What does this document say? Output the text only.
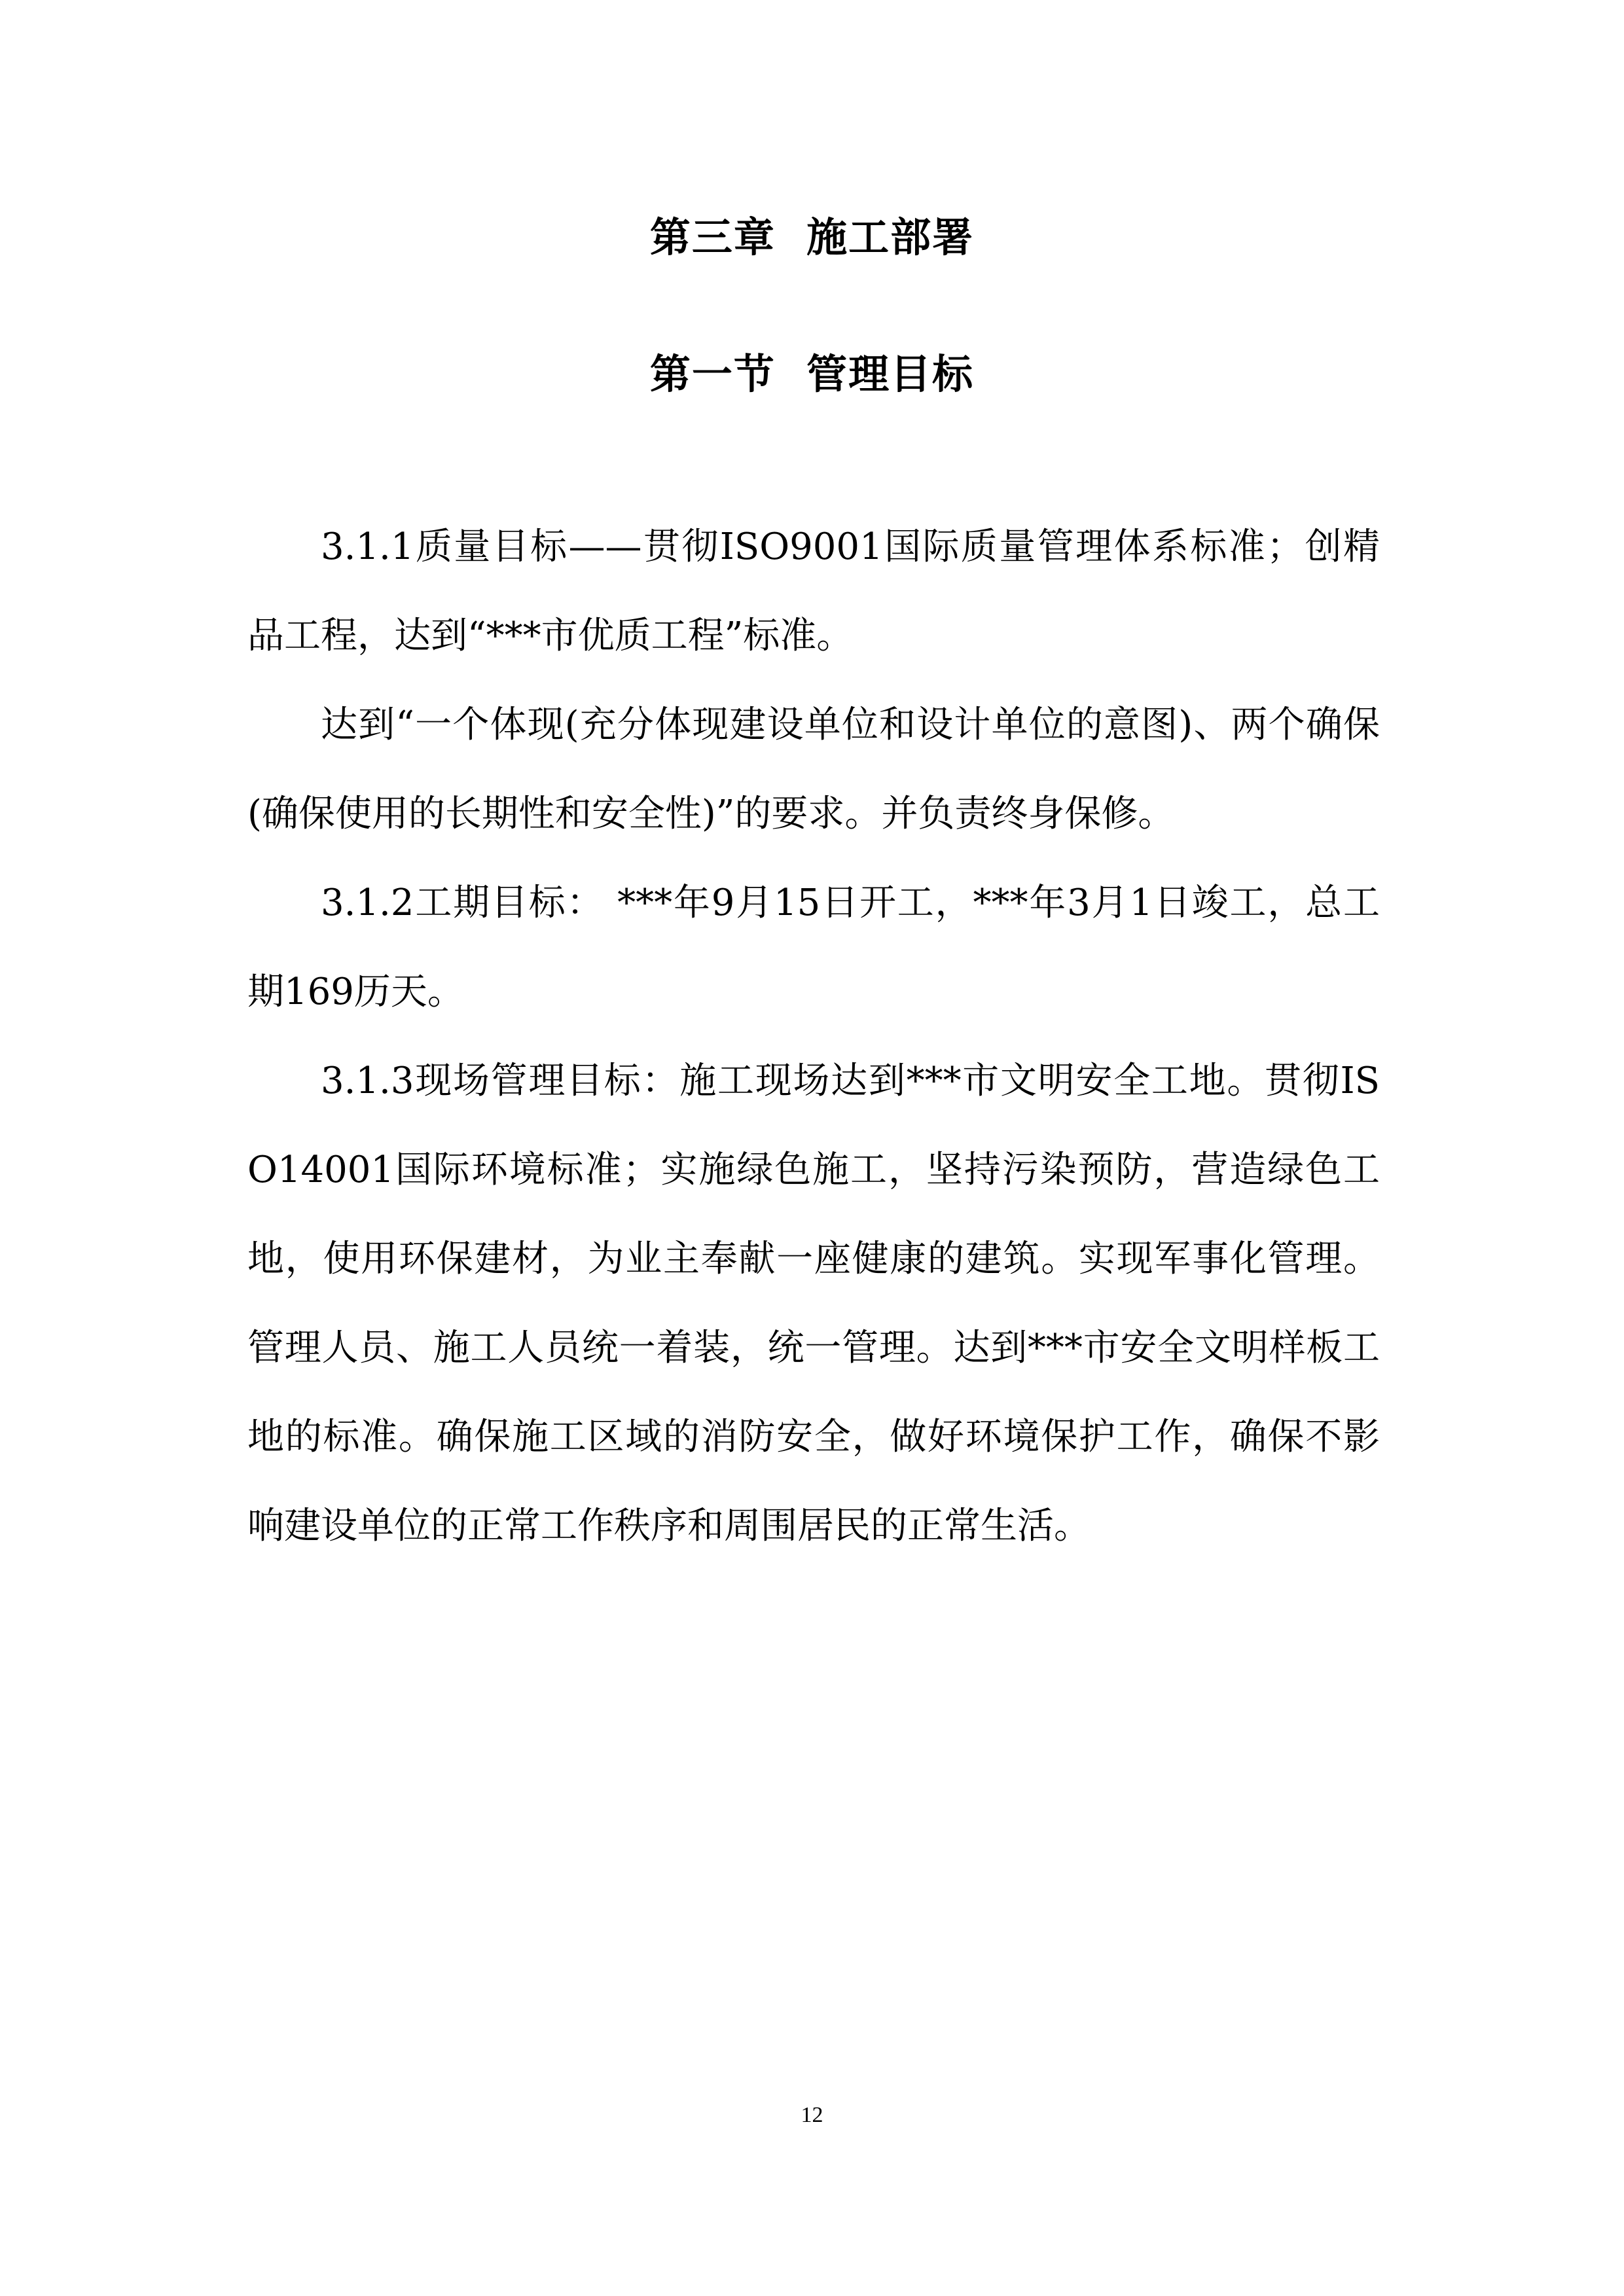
第三章  施工部署
第一节  管理目标

3.1.1质量目标——贯彻ISO9001国际质量管理体系标准；创精品工程，达到“***市优质工程”标准。

达到“一个体现(充分体现建设单位和设计单位的意图)、两个确保(确保使用的长期性和安全性)”的要求。并负责终身保修。

3.1.2工期目标： ***年9月15日开工，***年3月1日竣工，总工期169历天。

3.1.3现场管理目标：施工现场达到***市文明安全工地。贯彻ISO14001国际环境标准；实施绿色施工，坚持污染预防，营造绿色工地，使用环保建材，为业主奉献一座健康的建筑。实现军事化管理。管理人员、施工人员统一着装，统一管理。达到***市安全文明样板工地的标准。确保施工区域的消防安全，做好环境保护工作，确保不影响建设单位的正常工作秩序和周围居民的正常生活。

12
